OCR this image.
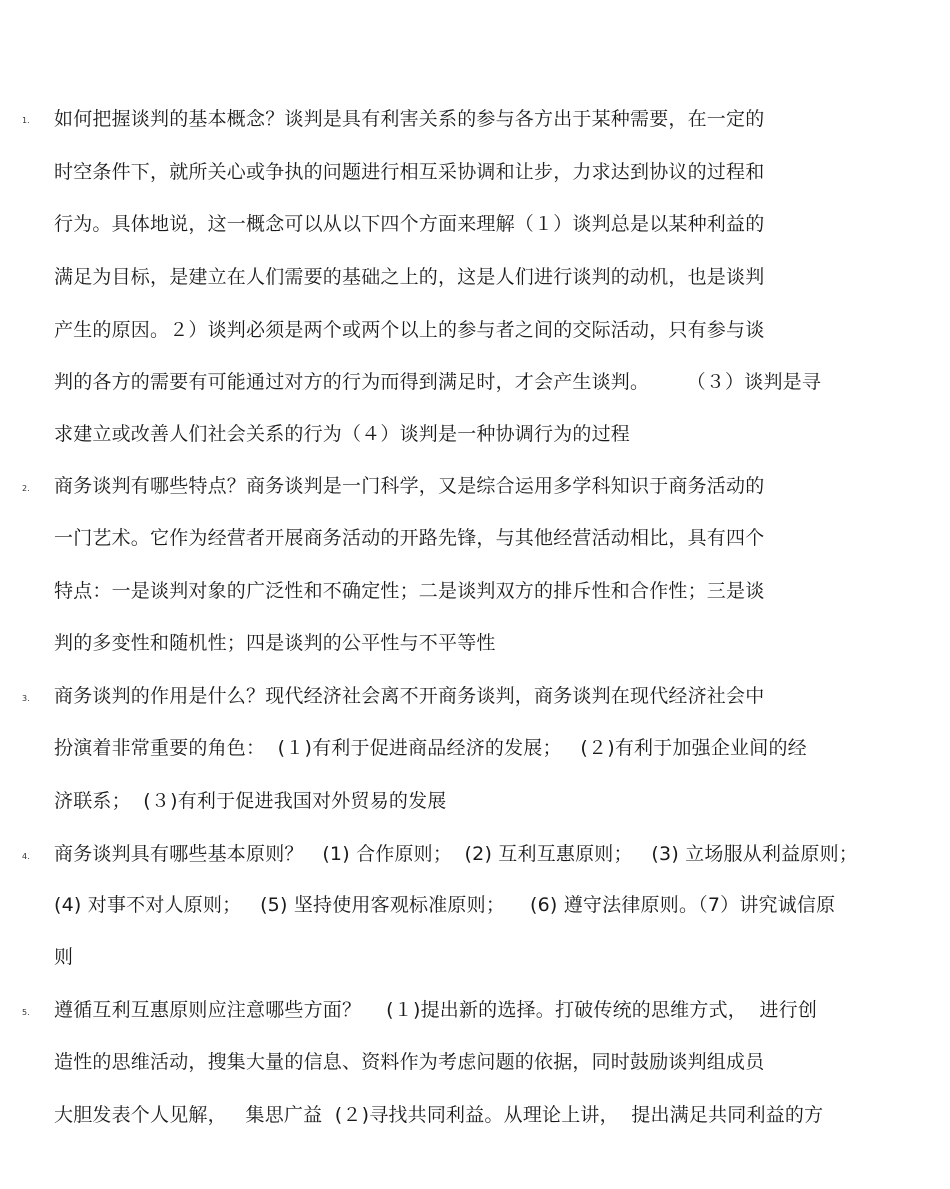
1.	如何把握谈判的基本概念？谈判是具有利害关系的参与各方出于某种需要，在一定的
时空条件下，就所关心或争执的问题进行相互采协调和让步，力求达到协议的过程和
行为。具体地说，这一概念可以从以下四个方面来理解（１）谈判总是以某种利益的
满足为目标，是建立在人们需要的基础之上的，这是人们进行谈判的动机，也是谈判
产生的原因。２）谈判必须是两个或两个以上的参与者之间的交际活动，只有参与谈
判的各方的需要有可能通过对方的行为而得到满足时，才会产生谈判。      （３）谈判是寻
求建立或改善人们社会关系的行为（４）谈判是一种协调行为的过程
2.	商务谈判有哪些特点？商务谈判是一门科学，又是综合运用多学科知识于商务活动的
一门艺术。它作为经营者开展商务活动的开路先锋，与其他经营活动相比，具有四个
特点：一是谈判对象的广泛性和不确定性；二是谈判双方的排斥性和合作性；三是谈
判的多变性和随机性；四是谈判的公平性与不平等性
3.	商务谈判的作用是什么？现代经济社会离不开商务谈判，商务谈判在现代经济社会中
扮演着非常重要的角色：  (１)有利于促进商品经济的发展；   (２)有利于加强企业间的经
济联系；  (３)有利于促进我国对外贸易的发展
4.	商务谈判具有哪些基本原则？   (1) 合作原则；  (2) 互利互惠原则；   (3) 立场服从利益原则；
(4) 对事不对人原则；   (5) 坚持使用客观标准原则；    (6) 遵守法律原则。（7）讲究诚信原
则
5.	遵循互利互惠原则应注意哪些方面？    (１)提出新的选择。打破传统的思维方式，  进行创
造性的思维活动，搜集大量的信息、资料作为考虑问题的依据，同时鼓励谈判组成员
大胆发表个人见解，   集思广益  (２)寻找共同利益。从理论上讲，  提出满足共同利益的方
